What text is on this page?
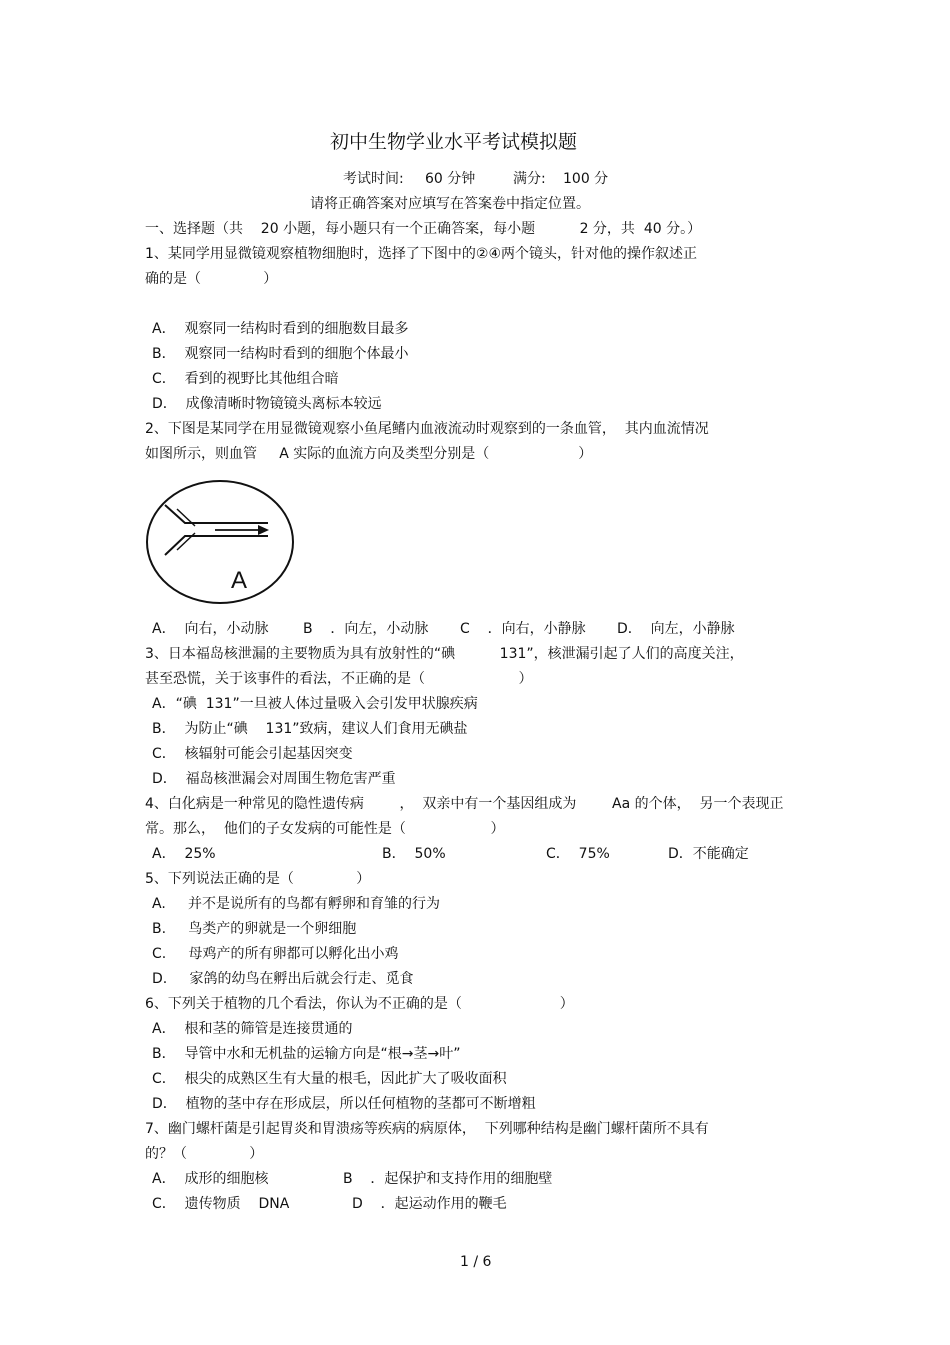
初中生物学业水平考试模拟题
考试时间: 60 分钟	满分: 100 分
请将正确答案对应填写在答案卷中指定位置。
一、选择题（共    20 小题，每小题只有一个正确答案，每小题          2 分，共  40 分。）
1、某同学用显微镜观察植物细胞时，选择了下图中的②④两个镜头，针对他的操作叙述正
确的是（              ）
A．  观察同一结构时看到的细胞数目最多
B．  观察同一结构时看到的细胞个体最小
C．  看到的视野比其他组合暗
D．  成像清晰时物镜镜头离标本较远
2、下图是某同学在用显微镜观察小鱼尾鳍内血液流动时观察到的一条血管，  其内血流情况
如图所示，则血管     A 实际的血流方向及类型分别是（                    ）
A
A．  向右，小动脉 B    ．向左，小动脉 C    ．向右，小静脉 D．  向左，小静脉
3、日本福岛核泄漏的主要物质为具有放射性的“碘          131”，核泄漏引起了人们的高度关注，
甚至恐慌，关于该事件的看法，不正确的是（                     ）
A．“碘  131”一旦被人体过量吸入会引发甲状腺疾病
B．  为防止“碘    131”致病，建议人们食用无碘盐
C．  核辐射可能会引起基因突变
D．  福岛核泄漏会对周围生物危害严重
4、白化病是一种常见的隐性遗传病        ，  双亲中有一个基因组成为        Aa 的个体，  另一个表现正
常。那么，  他们的子女发病的可能性是（                   ）
A．  25%	B．  50%	C．  75%	D．不能确定
5、下列说法正确的是（              ）
A.     并不是说所有的鸟都有孵卵和育雏的行为
B.     鸟类产的卵就是一个卵细胞
C.     母鸡产的所有卵都可以孵化出小鸡
D.     家鸽的幼鸟在孵出后就会行走、觅食
6、下列关于植物的几个看法，你认为不正确的是（                      ）
A．  根和茎的筛管是连接贯通的
B．  导管中水和无机盐的运输方向是“根→茎→叶”
C．  根尖的成熟区生有大量的根毛，因此扩大了吸收面积
D．  植物的茎中存在形成层，所以任何植物的茎都可不断增粗
7、幽门螺杆菌是引起胃炎和胃溃疡等疾病的病原体，  下列哪种结构是幽门螺杆菌所不具有
的？（              ）
A．  成形的细胞核	B    ．起保护和支持作用的细胞壁
C．  遗传物质    DNA	D    ．起运动作用的鞭毛
1 / 6
